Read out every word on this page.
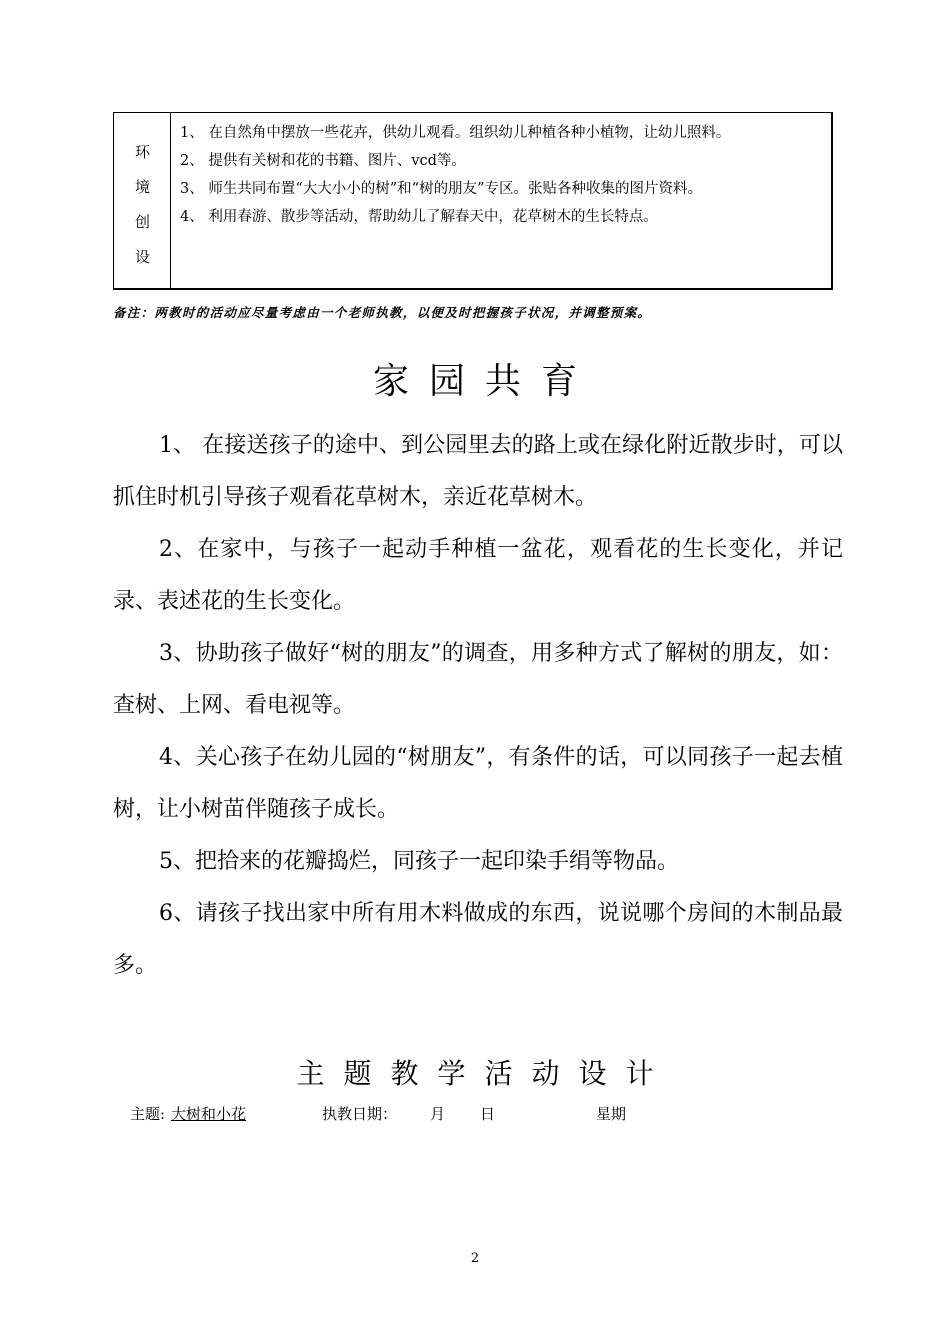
环
境
创
设

1、 在自然角中摆放一些花卉，供幼儿观看。组织幼儿种植各种小植物，让幼儿照料。

2、 提供有关树和花的书籍、图片、vcd等。

3、 师生共同布置“大大小小的树”和“树的朋友”专区。张贴各种收集的图片资料。

4、 利用春游、散步等活动，帮助幼儿了解春天中，花草树木的生长特点。

备注：两教时的活动应尽量考虑由一个老师执教，以便及时把握孩子状况，并调整预案。
家园共育

1、 在接送孩子的途中、到公园里去的路上或在绿化附近散步时，可以抓住时机引导孩子观看花草树木，亲近花草树木。

2、在家中，与孩子一起动手种植一盆花，观看花的生长变化，并记录、表述花的生长变化。

3、协助孩子做好“树的朋友”的调查，用多种方式了解树的朋友，如：查树、上网、看电视等。

4、关心孩子在幼儿园的“树朋友”，有条件的话，可以同孩子一起去植树，让小树苗伴随孩子成长。

5、把拾来的花瓣捣烂，同孩子一起印染手绢等物品。

6、请孩子找出家中所有用木料做成的东西，说说哪个房间的木制品最多。

主题教学活动设计
主题: 大树和小花	执教日期： 月 日	星期
2
